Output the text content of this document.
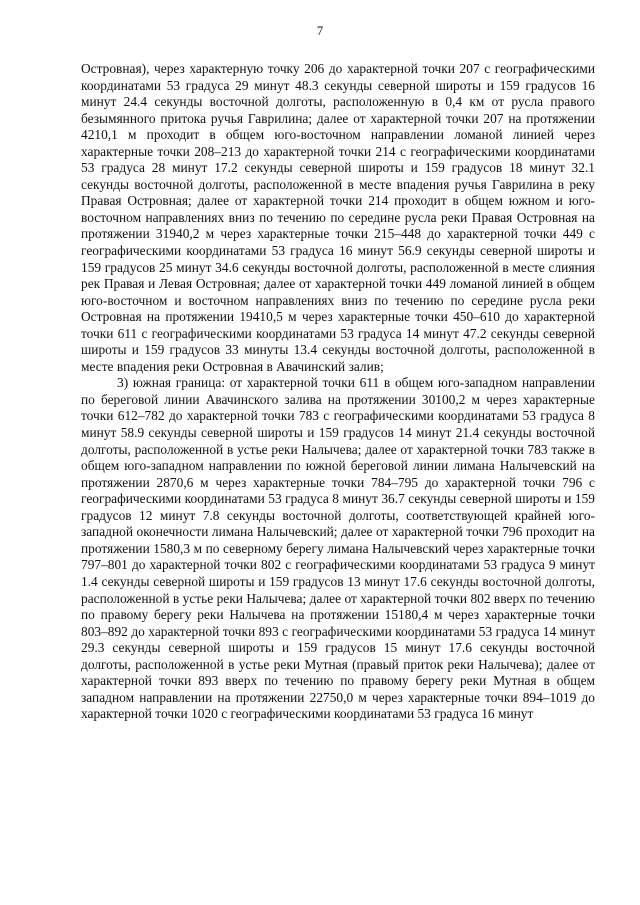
7

Островная), через характерную точку 206 до характерной точки 207 с географическими координатами 53 градуса 29 минут 48.3 секунды северной широты и 159 градусов 16 минут 24.4 секунды восточной долготы, расположенную в 0,4 км от русла правого безымянного притока ручья Гаврилина; далее от характерной точки 207 на протяжении 4210,1 м проходит в общем юго-восточном направлении ломаной линией через характерные точки 208–213 до характерной точки 214 с географическими координатами 53 градуса 28 минут 17.2 секунды северной широты и 159 градусов 18 минут 32.1 секунды восточной долготы, расположенной в месте впадения ручья Гаврилина в реку Правая Островная; далее от характерной точки 214 проходит в общем южном и юго-восточном направлениях вниз по течению по середине русла реки Правая Островная на протяжении 31940,2 м через характерные точки 215–448 до характерной точки 449 с географическими координатами 53 градуса 16 минут 56.9 секунды северной широты и 159 градусов 25 минут 34.6 секунды восточной долготы, расположенной в месте слияния рек Правая и Левая Островная; далее от характерной точки 449 ломаной линией в общем юго-восточном и восточном направлениях вниз по течению по середине русла реки Островная на протяжении 19410,5 м через характерные точки 450–610 до характерной точки 611 с географическими координатами 53 градуса 14 минут 47.2 секунды северной широты и 159 градусов 33 минуты 13.4 секунды восточной долготы, расположенной в месте впадения реки Островная в Авачинский залив;

3) южная граница: от характерной точки 611 в общем юго-западном направлении по береговой линии Авачинского залива на протяжении 30100,2 м через характерные точки 612–782 до характерной точки 783 с географическими координатами 53 градуса 8 минут 58.9 секунды северной широты и 159 градусов 14 минут 21.4 секунды восточной долготы, расположенной в устье реки Налычева; далее от характерной точки 783 также в общем юго-западном направлении по южной береговой линии лимана Налычевский на протяжении 2870,6 м через характерные точки 784–795 до характерной точки 796 с географическими координатами 53 градуса 8 минут 36.7 секунды северной широты и 159 градусов 12 минут 7.8 секунды восточной долготы, соответствующей крайней юго-западной оконечности лимана Налычевский; далее от характерной точки 796 проходит на протяжении 1580,3 м по северному берегу лимана Налычевский через характерные точки 797–801 до характерной точки 802 с географическими координатами 53 градуса 9 минут 1.4 секунды северной широты и 159 градусов 13 минут 17.6 секунды восточной долготы, расположенной в устье реки Налычева; далее от характерной точки 802 вверх по течению по правому берегу реки Налычева на протяжении 15180,4 м через характерные точки 803–892 до характерной точки 893 с географическими координатами 53 градуса 14 минут 29.3 секунды северной широты и 159 градусов 15 минут 17.6 секунды восточной долготы, расположенной в устье реки Мутная (правый приток реки Налычева); далее от характерной точки 893 вверх по течению по правому берегу реки Мутная в общем западном направлении на протяжении 22750,0 м через характерные точки 894–1019 до характерной точки 1020 с географическими координатами 53 градуса 16 минут
